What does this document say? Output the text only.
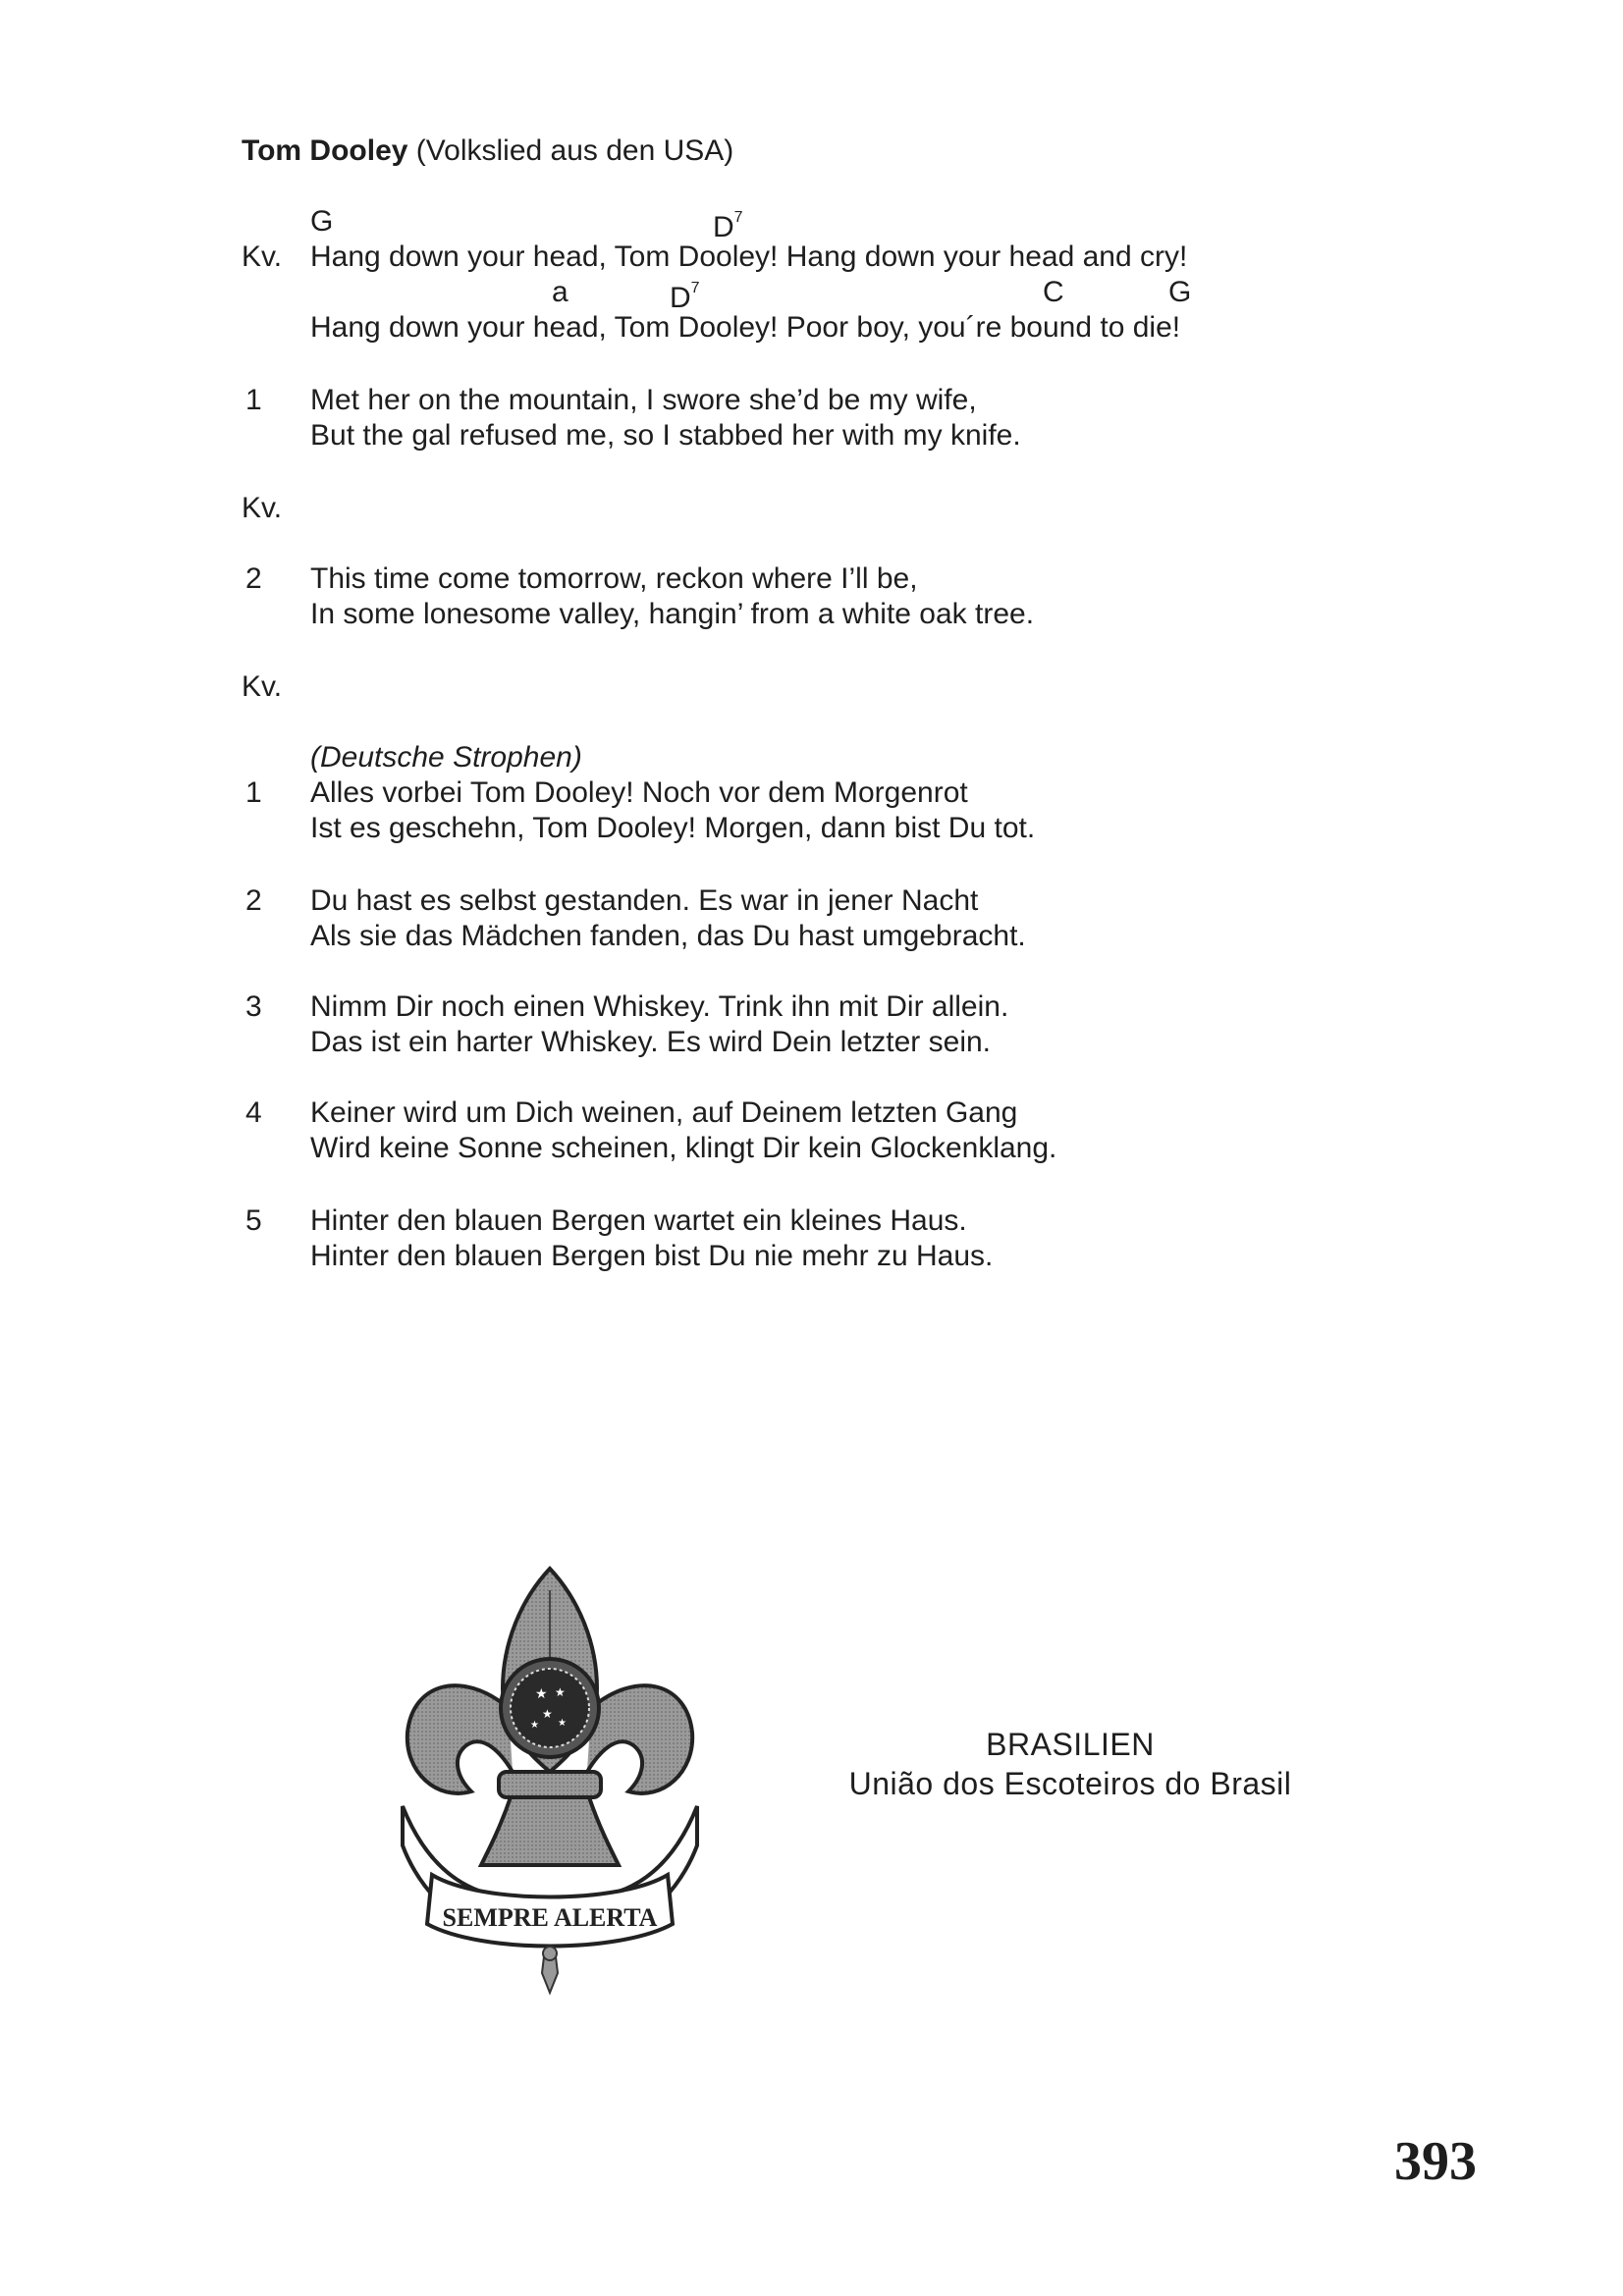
Tom Dooley (Volkslied aus den USA)
G	$D^7$
Kv. Hang down your head, Tom Dooley! Hang down your head and cry!
a	$D^7$	C	G
Hang down your head, Tom Dooley! Poor boy, you´re bound to die!
1 Met her on the mountain, I swore she’d be my wife,
But the gal refused me, so I stabbed her with my knife.
Kv.
2 This time come tomorrow, reckon where I’ll be,
In some lonesome valley, hangin’ from a white oak tree.
Kv.
(Deutsche Strophen)
1 Alles vorbei Tom Dooley! Noch vor dem Morgenrot
Ist es geschehn, Tom Dooley! Morgen, dann bist Du tot.
2 Du hast es selbst gestanden. Es war in jener Nacht
Als sie das Mädchen fanden, das Du hast umgebracht.
3 Nimm Dir noch einen Whiskey. Trink ihn mit Dir allein.
Das ist ein harter Whiskey. Es wird Dein letzter sein.
4 Keiner wird um Dich weinen, auf Deinem letzten Gang
Wird keine Sonne scheinen, klingt Dir kein Glockenklang.
5 Hinter den blauen Bergen wartet ein kleines Haus.
Hinter den blauen Bergen bist Du nie mehr zu Haus.
★ ★
★
★ ★
SEMPRE ALERTA
BRASILIEN
União dos Escoteiros do Brasil
393
